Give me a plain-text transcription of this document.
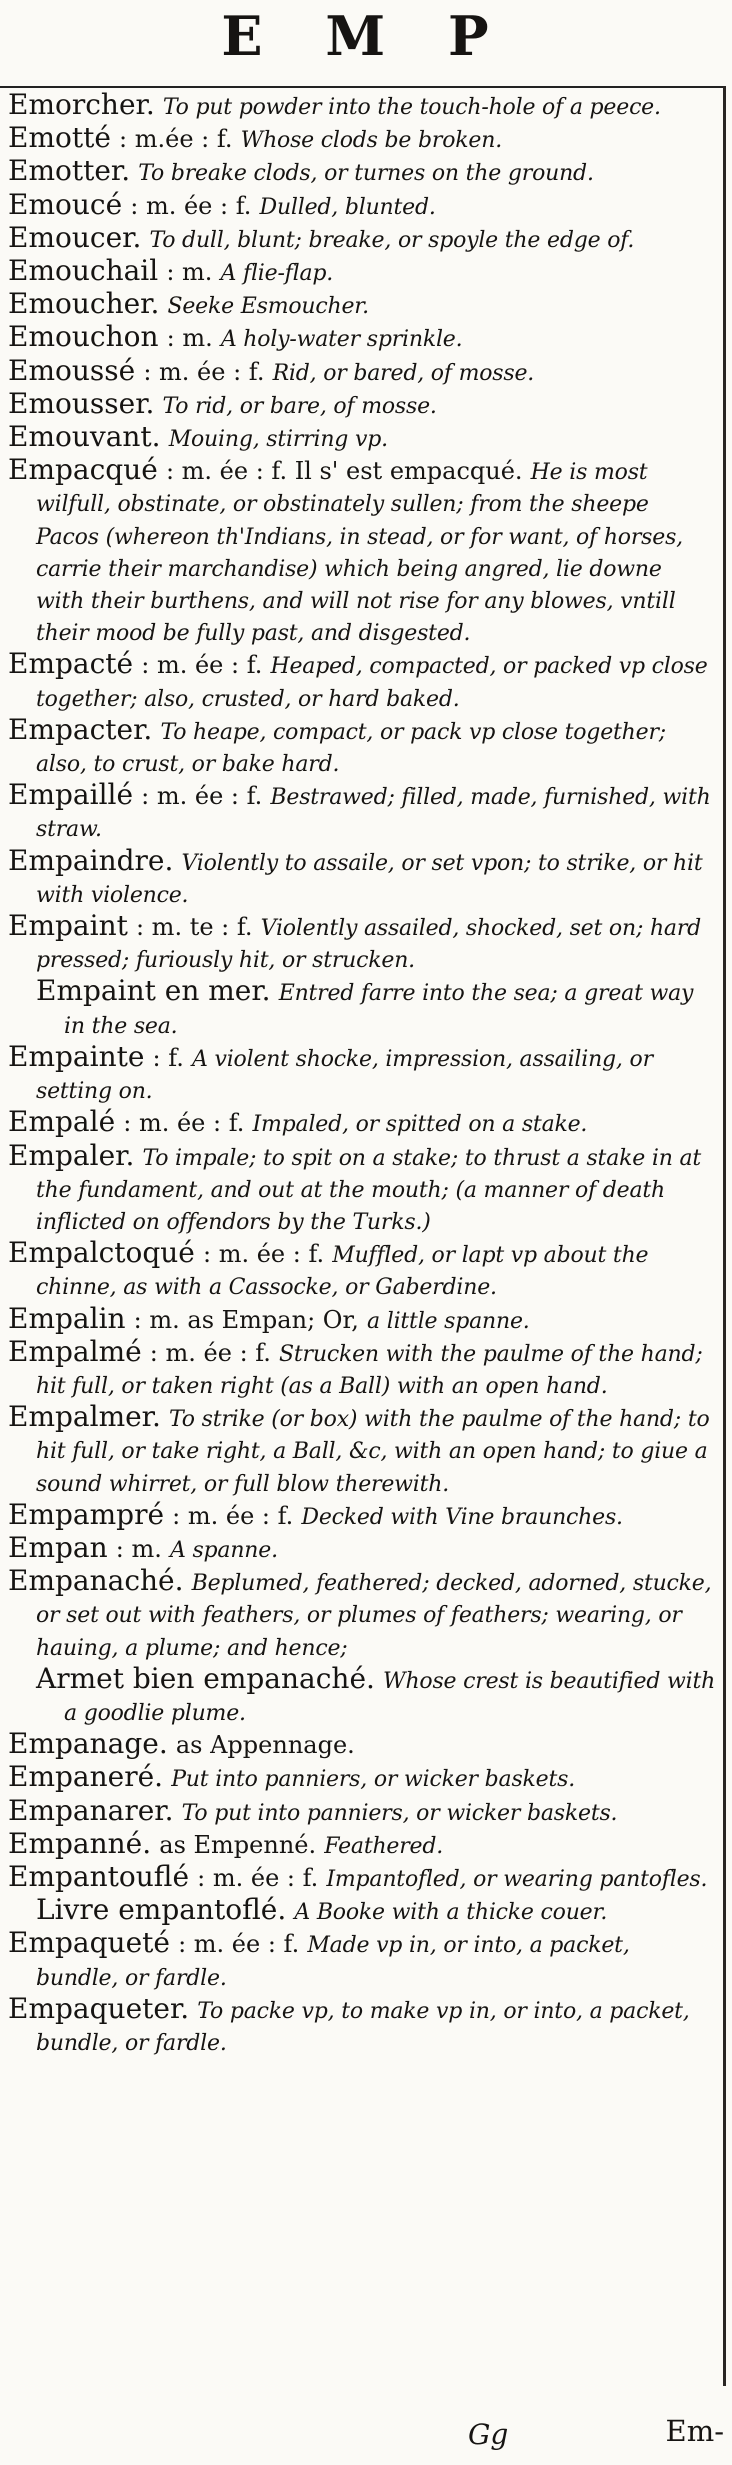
E M P

Emorcher. To put powder into the touch-hole of a peece.

Emotté : m.ée : f. Whose clods be broken.

Emotter. To breake clods, or turnes on the ground.

Emoucé : m. ée : f. Dulled, blunted.

Emoucer. To dull, blunt; breake, or spoyle the edge of.

Emouchail : m. A flie-flap.

Emoucher. Seeke Esmoucher.

Emouchon : m. A holy-water sprinkle.

Emoussé : m. ée : f. Rid, or bared, of mosse.

Emousser. To rid, or bare, of mosse.

Emouvant. Mouing, stirring vp.

Empacqué : m. ée : f. Il s' est empacqué. He is most wilfull, obstinate, or obstinately sullen; from the sheepe Pacos (whereon th'Indians, in stead, or for want, of horses, carrie their marchandise) which being angred, lie downe with their burthens, and will not rise for any blowes, vntill their mood be fully past, and disgested.

Empacté : m. ée : f. Heaped, compacted, or packed vp close together; also, crusted, or hard baked.

Empacter. To heape, compact, or pack vp close together; also, to crust, or bake hard.

Empaillé : m. ée : f. Bestrawed; filled, made, furnished, with straw.

Empaindre. Violently to assaile, or set vpon; to strike, or hit with violence.

Empaint : m. te : f. Violently assailed, shocked, set on; hard pressed; furiously hit, or strucken.

Empaint en mer. Entred farre into the sea; a great way in the sea.

Empainte : f. A violent shocke, impression, assailing, or setting on.

Empalé : m. ée : f. Impaled, or spitted on a stake.

Empaler. To impale; to spit on a stake; to thrust a stake in at the fundament, and out at the mouth; (a manner of death inflicted on offendors by the Turks.)

Empalctoqué : m. ée : f. Muffled, or lapt vp about the chinne, as with a Cassocke, or Gaberdine.

Empalin : m. as Empan; Or, a little spanne.

Empalmé : m. ée : f. Strucken with the paulme of the hand; hit full, or taken right (as a Ball) with an open hand.

Empalmer. To strike (or box) with the paulme of the hand; to hit full, or take right, a Ball, &c, with an open hand; to giue a sound whirret, or full blow therewith.

Empampré : m. ée : f. Decked with Vine braunches.

Empan : m. A spanne.

Empanaché. Beplumed, feathered; decked, adorned, stucke, or set out with feathers, or plumes of feathers; wearing, or hauing, a plume; and hence;

Armet bien empanaché. Whose crest is beautified with a goodlie plume.

Empanage. as Appennage.

Empaneré. Put into panniers, or wicker baskets.

Empanarer. To put into panniers, or wicker baskets.

Empanné. as Empenné. Feathered.

Empantouflé : m. ée : f. Impantofled, or wearing pantofles.

Livre empantoflé. A Booke with a thicke couer.

Empaqueté : m. ée : f. Made vp in, or into, a packet, bundle, or fardle.

Empaqueter. To packe vp, to make vp in, or into, a packet, bundle, or fardle.

Gg	Em-
